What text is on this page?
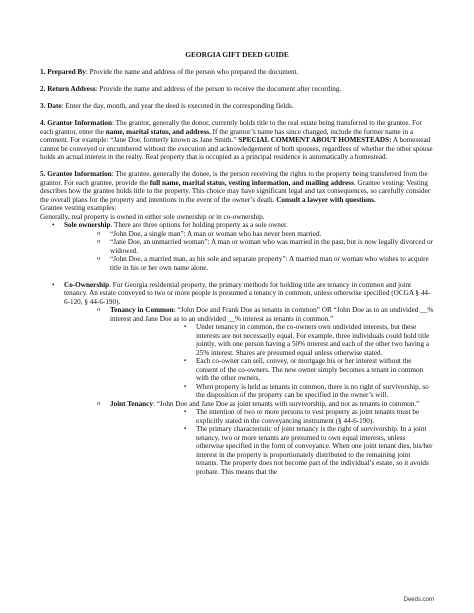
GEORGIA GIFT DEED GUIDE

1. Prepared By: Provide the name and address of the person who prepared the document.

2. Return Address: Provide the name and address of the person to receive the document after recording.

3. Date: Enter the day, month, and year the deed is executed in the corresponding fields.

4. Grantor Information: The grantor, generally the donor, currently holds title to the real estate being transferred to the grantee. For each grantor, enter the name, marital status, and address. If the grantor’s name has since changed, include the former name in a comment. For example: “Jane Doe, formerly known as Jane Smith.” SPECIAL COMMENT ABOUT HOMESTEADS: A homestead cannot be conveyed or encumbered without the execution and acknowledgement of both spouses, regardless of whether the other spouse holds an actual interest in the realty. Real property that is occupied as a principal residence is automatically a homestead.

5. Grantee Information: The grantee, generally the donee, is the person receiving the rights to the property being transferred from the grantor. For each grantee, provide the full name, marital status, vesting information, and mailing address. Grantee vesting: Vesting describes how the grantee holds title to the property. This choice may have significant legal and tax consequences, so carefully consider the overall plans for the property and intentions in the event of the owner’s death. Consult a lawyer with questions.

Grantee vesting examples:
Generally, real property is owned in either sole ownership or in co-ownership.
• Sole ownership. There are three options for holding property as a sole owner.
o “John Doe, a single man”: A man or woman who has never been married.
o “Jane Doe, an unmarried woman”: A man or woman who was married in the past, but is now legally divorced or widowed.
o “John Doe, a married man, as his sole and separate property”: A married man or woman who wishes to acquire title in his or her own name alone.
• Co-Ownership. For Georgia residential property, the primary methods for holding title are tenancy in common and joint tenancy. An estate conveyed to two or more people is presumed a tenancy in common, unless otherwise specified (OCGA § 44-6-120, § 44-6-190).
o Tenancy in Common: “John Doe and Frank Doe as tenants in common” OR “John Doe as to an undivided __% interest and Jane Doe as to an undivided __% interest as tenants in common.”
▪ Under tenancy in common, the co-owners own undivided interests, but these interests are not necessarily equal. For example, three individuals could hold title jointly, with one person having a 50% interest and each of the other two having a 25% interest. Shares are presumed equal unless otherwise stated.
▪ Each co-owner can sell, convey, or mortgage his or her interest without the consent of the co-owners. The new owner simply becomes a tenant in common with the other owners.
▪ When property is held as tenants in common, there is no right of survivorship, so the disposition of the property can be specified in the owner’s will.
o Joint Tenancy: “John Doe and Jane Doe as joint tenants with survivorship, and not as tenants in common.”
▪ The intention of two or more persons to vest property as joint tenants must be explicitly stated in the conveyancing instrument (§ 44-6-190).
▪ The primary characteristic of joint tenancy is the right of survivorship. In a joint tenancy, two or more tenants are presumed to own equal interests, unless otherwise specified in the form of conveyance. When one joint tenant dies, his/her interest in the property is proportionately distributed to the remaining joint tenants. The property does not become part of the individual’s estate, so it avoids probate. This means that the
Deeds.com
